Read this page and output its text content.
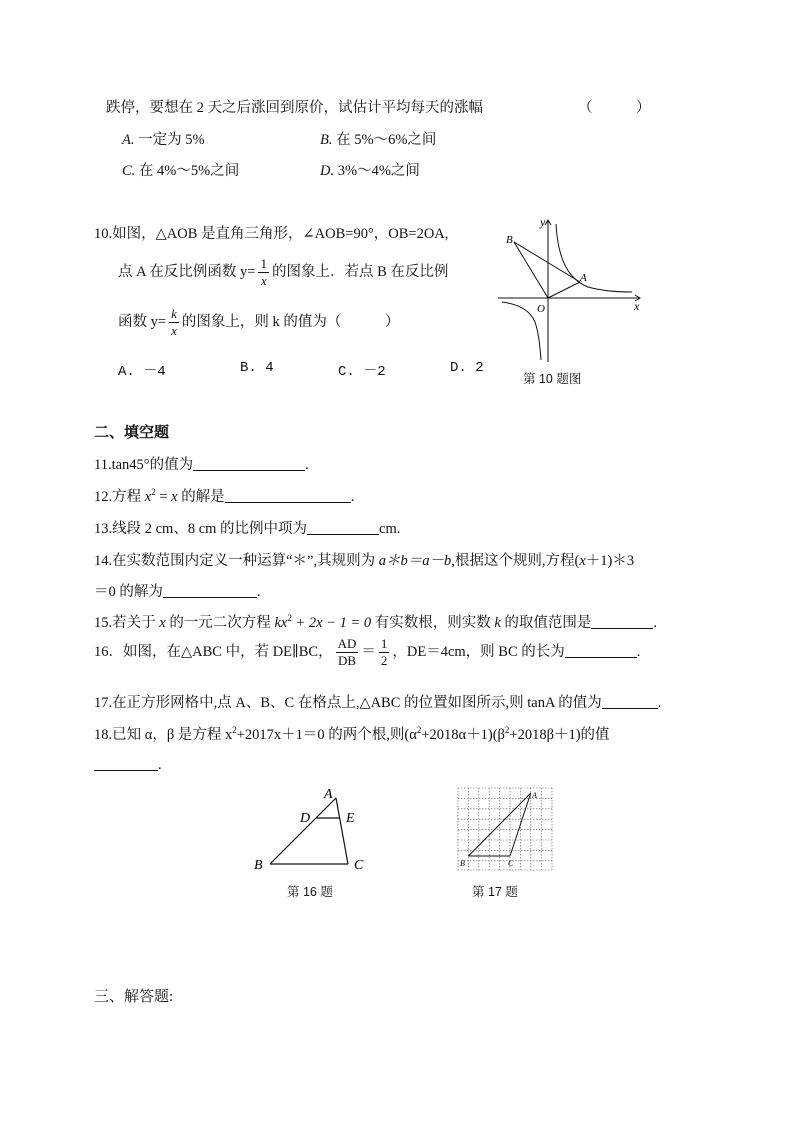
跌停，要想在 2 天之后涨回到原价，试估计平均每天的涨幅	（　　　）
A. 一定为 5%	B. 在 5%～6%之间
C. 在 4%～5%之间	D. 3%～4%之间
10.如图，△AOB 是直角三角形，∠AOB=90°，OB=2OA,
点 A 在反比例函数 $y= \frac{1}{x}$ 的图象上．若点 B 在反比例
函数 $y= \frac{k}{x}$ 的图象上，则 k 的值为（　　　）
A. －4	B. 4	C. －2	D. 2
y
x
B
A
O
第 10 题图
二、填空题
11.tan45°的值为	.
12.方程 $x^2 = x$ 的解是	.
13.线段 2 cm、8 cm 的比例中项为	cm.
14.在实数范围内定义一种运算“＊”,其规则为 a＊b＝a－b,根据这个规则,方程(x＋1)＊3
＝0 的解为	.
15.若关于 x 的一元二次方程 $kx^2 + 2x - 1 = 0$ 有实数根，则实数 k 的取值范围是	.
16．如图，在△ABC 中，若 DE∥BC， $\frac{AD}{DB} = \frac{1}{2}$ ，DE＝4cm，则 BC 的长为	.
17.在正方形网格中,点 A、B、C 在格点上,△ABC 的位置如图所示,则 tanA 的值为	.
18.已知 α，β 是方程 $x^2+2017x+1=0$ 的两个根,则$(\alpha^2+2018\alpha+1)(\beta^2+2018\beta+1)$的值
.
A
D	E
B	C
第 16 题
A
B	C
第 17 题
三、解答题:
